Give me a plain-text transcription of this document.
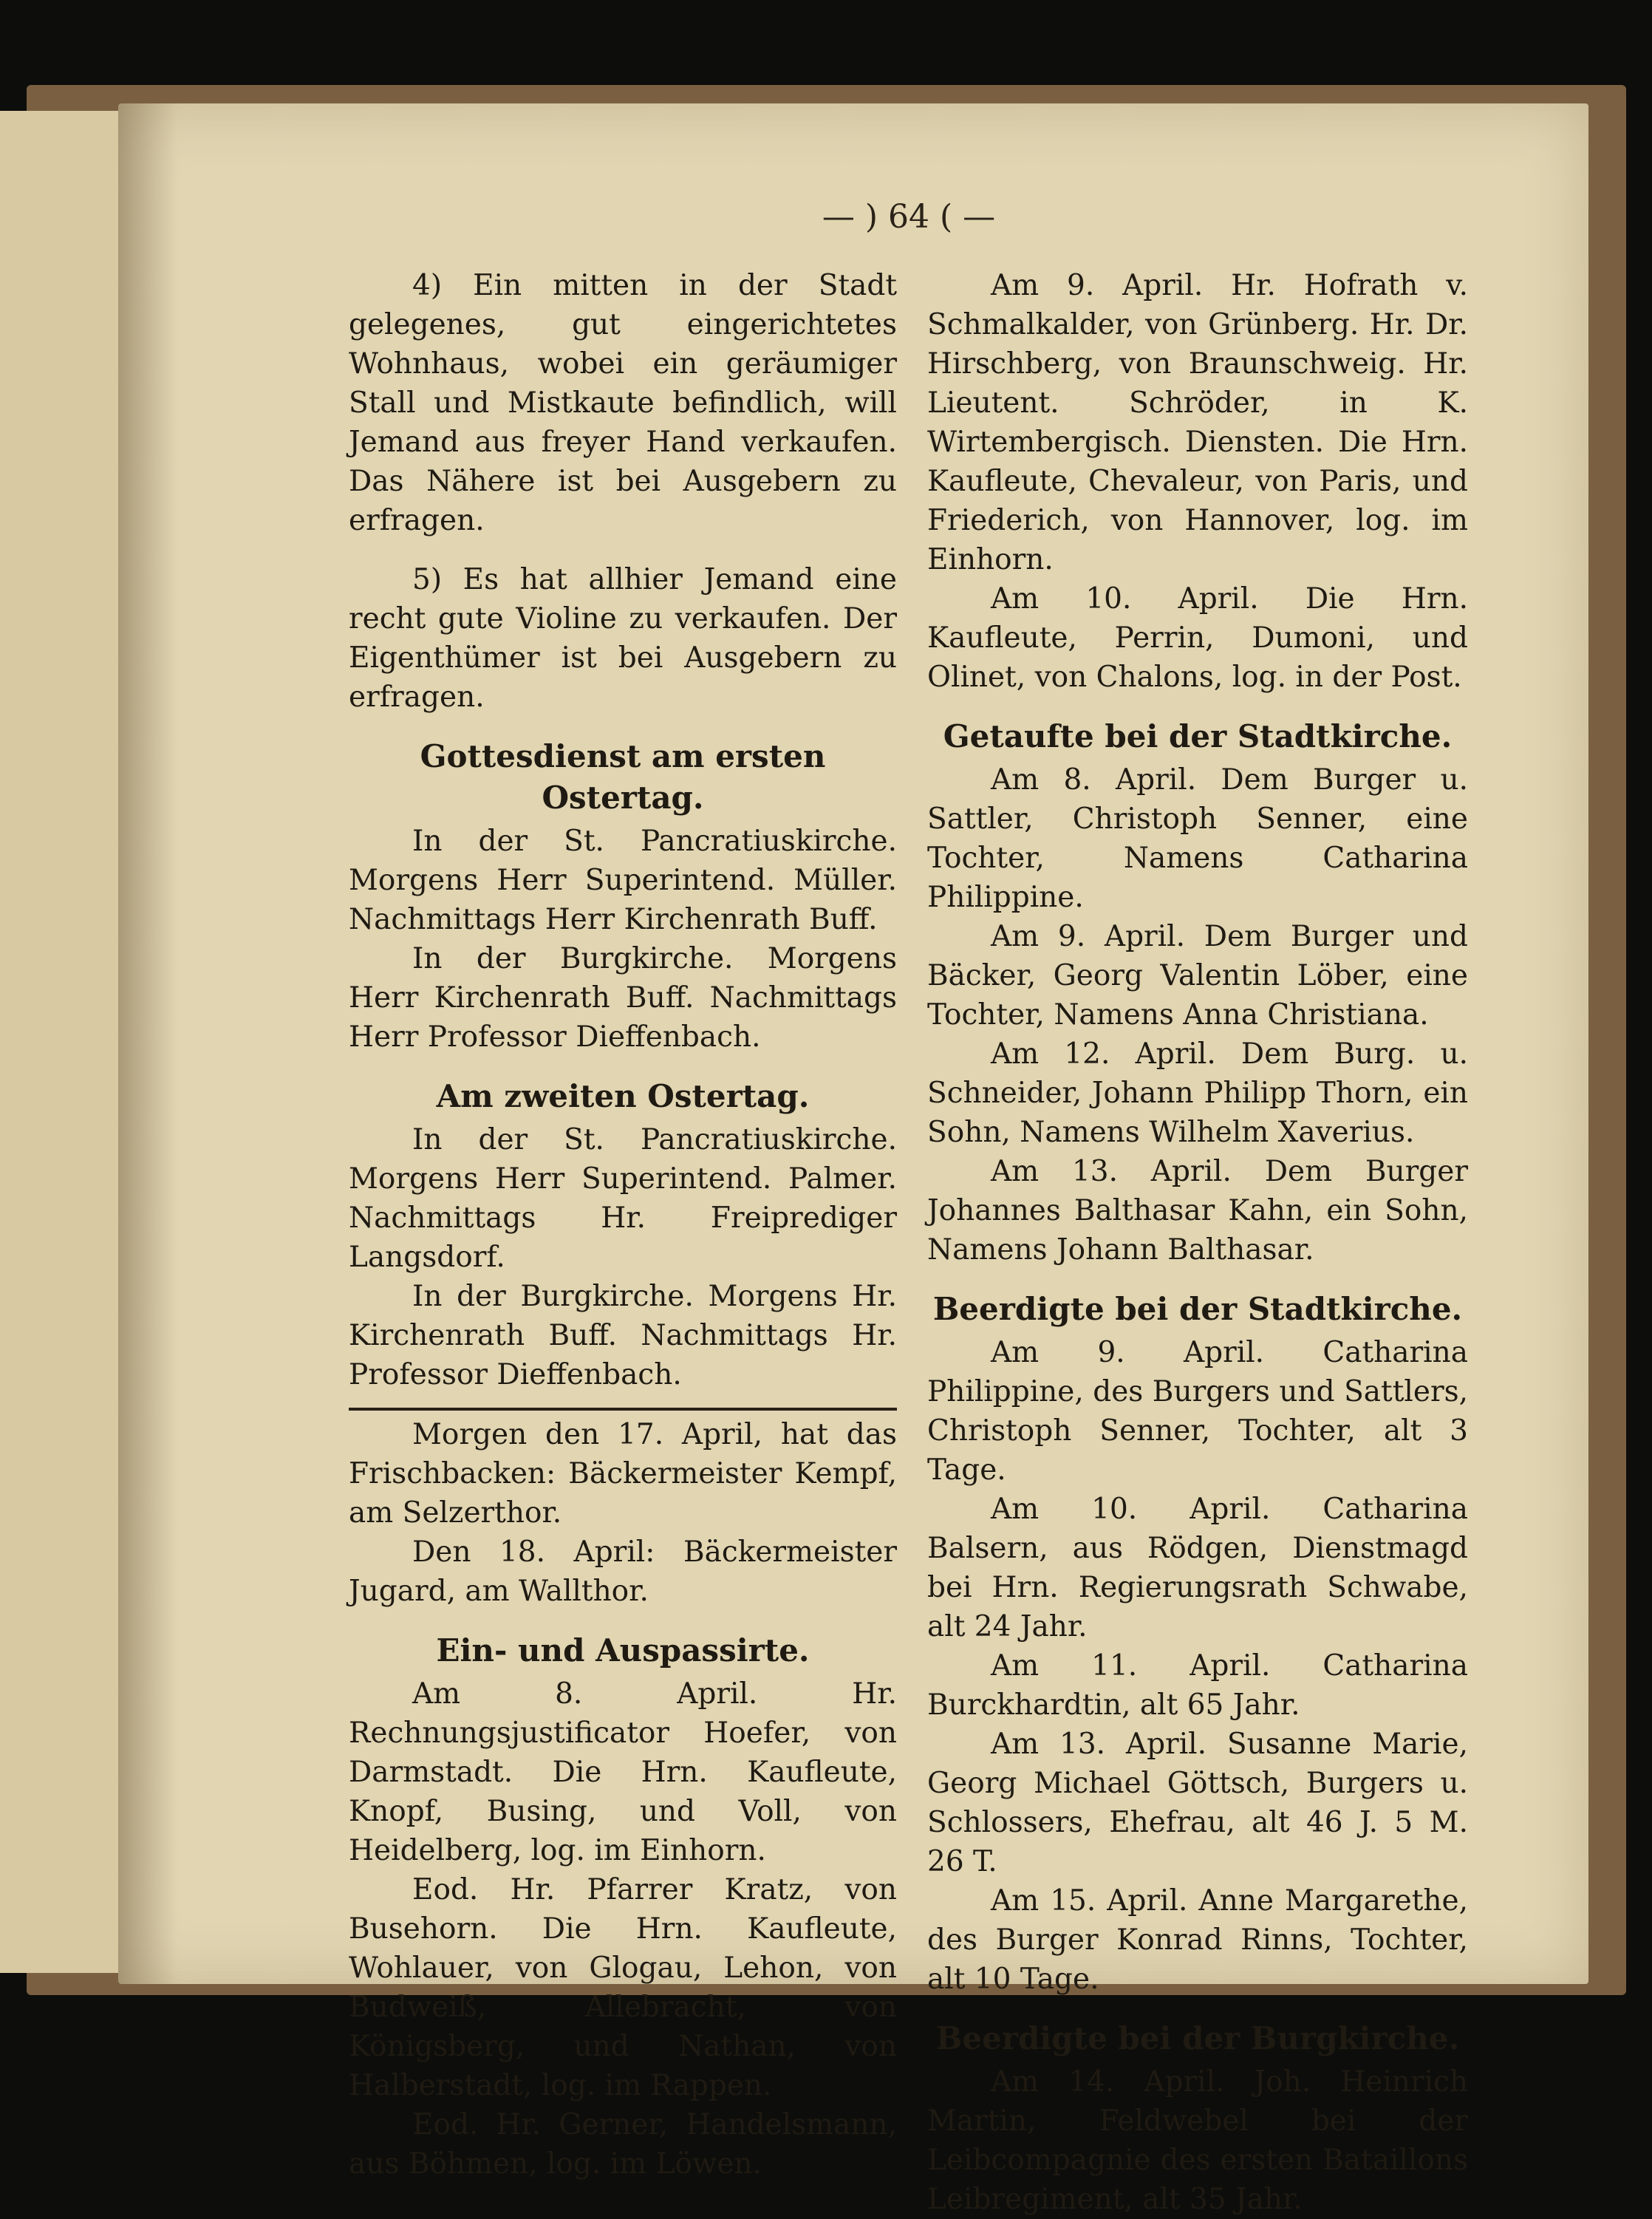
— ) 64 ( —

4) Ein mitten in der Stadt gelegenes, gut eingerichtetes Wohnhaus, wobei ein geräumiger Stall und Mistkaute befindlich, will Jemand aus freyer Hand verkaufen. Das Nähere ist bei Ausgebern zu erfragen.

5) Es hat allhier Jemand eine recht gute Violine zu verkaufen. Der Eigenthümer ist bei Ausgebern zu erfragen.

Gottesdienst am ersten Ostertag.

In der St. Pancratiuskirche. Morgens Herr Superintend. Müller. Nachmittags Herr Kirchenrath Buff.

In der Burgkirche. Morgens Herr Kirchenrath Buff. Nachmittags Herr Professor Dieffenbach.

Am zweiten Ostertag.

In der St. Pancratiuskirche. Morgens Herr Superintend. Palmer. Nachmittags Hr. Freiprediger Langsdorf.

In der Burgkirche. Morgens Hr. Kirchenrath Buff. Nachmittags Hr. Professor Dieffenbach.

Morgen den 17. April, hat das Frischbacken: Bäckermeister Kempf, am Selzerthor.

Den 18. April: Bäckermeister Jugard, am Wallthor.

Ein- und Auspassirte.

Am 8. April. Hr. Rechnungsjustificator Hoefer, von Darmstadt. Die Hrn. Kaufleute, Knopf, Busing, und Voll, von Heidelberg, log. im Einhorn.

Eod. Hr. Pfarrer Kratz, von Busehorn. Die Hrn. Kaufleute, Wohlauer, von Glogau, Lehon, von Budweiß, Allebracht, von Königsberg, und Nathan, von Halberstadt, log. im Rappen.

Eod. Hr. Gerner, Handelsmann, aus Böhmen, log. im Löwen.

Am 9. April. Hr. Hofrath v. Schmalkalder, von Grünberg. Hr. Dr. Hirschberg, von Braunschweig. Hr. Lieutent. Schröder, in K. Wirtembergisch. Diensten. Die Hrn. Kaufleute, Chevaleur, von Paris, und Friederich, von Hannover, log. im Einhorn.

Am 10. April. Die Hrn. Kaufleute, Perrin, Dumoni, und Olinet, von Chalons, log. in der Post.

Getaufte bei der Stadtkirche.

Am 8. April. Dem Burger u. Sattler, Christoph Senner, eine Tochter, Namens Catharina Philippine.

Am 9. April. Dem Burger und Bäcker, Georg Valentin Löber, eine Tochter, Namens Anna Christiana.

Am 12. April. Dem Burg. u. Schneider, Johann Philipp Thorn, ein Sohn, Namens Wilhelm Xaverius.

Am 13. April. Dem Burger Johannes Balthasar Kahn, ein Sohn, Namens Johann Balthasar.

Beerdigte bei der Stadtkirche.

Am 9. April. Catharina Philippine, des Burgers und Sattlers, Christoph Senner, Tochter, alt 3 Tage.

Am 10. April. Catharina Balsern, aus Rödgen, Dienstmagd bei Hrn. Regierungsrath Schwabe, alt 24 Jahr.

Am 11. April. Catharina Burckhardtin, alt 65 Jahr.

Am 13. April. Susanne Marie, Georg Michael Göttsch, Burgers u. Schlossers, Ehefrau, alt 46 J. 5 M. 26 T.

Am 15. April. Anne Margarethe, des Burger Konrad Rinns, Tochter, alt 10 Tage.

Beerdigte bei der Burgkirche.

Am 14. April. Joh. Heinrich Martin, Feldwebel bei der Leibcompagnie des ersten Bataillons Leibregiment, alt 35 Jahr.
